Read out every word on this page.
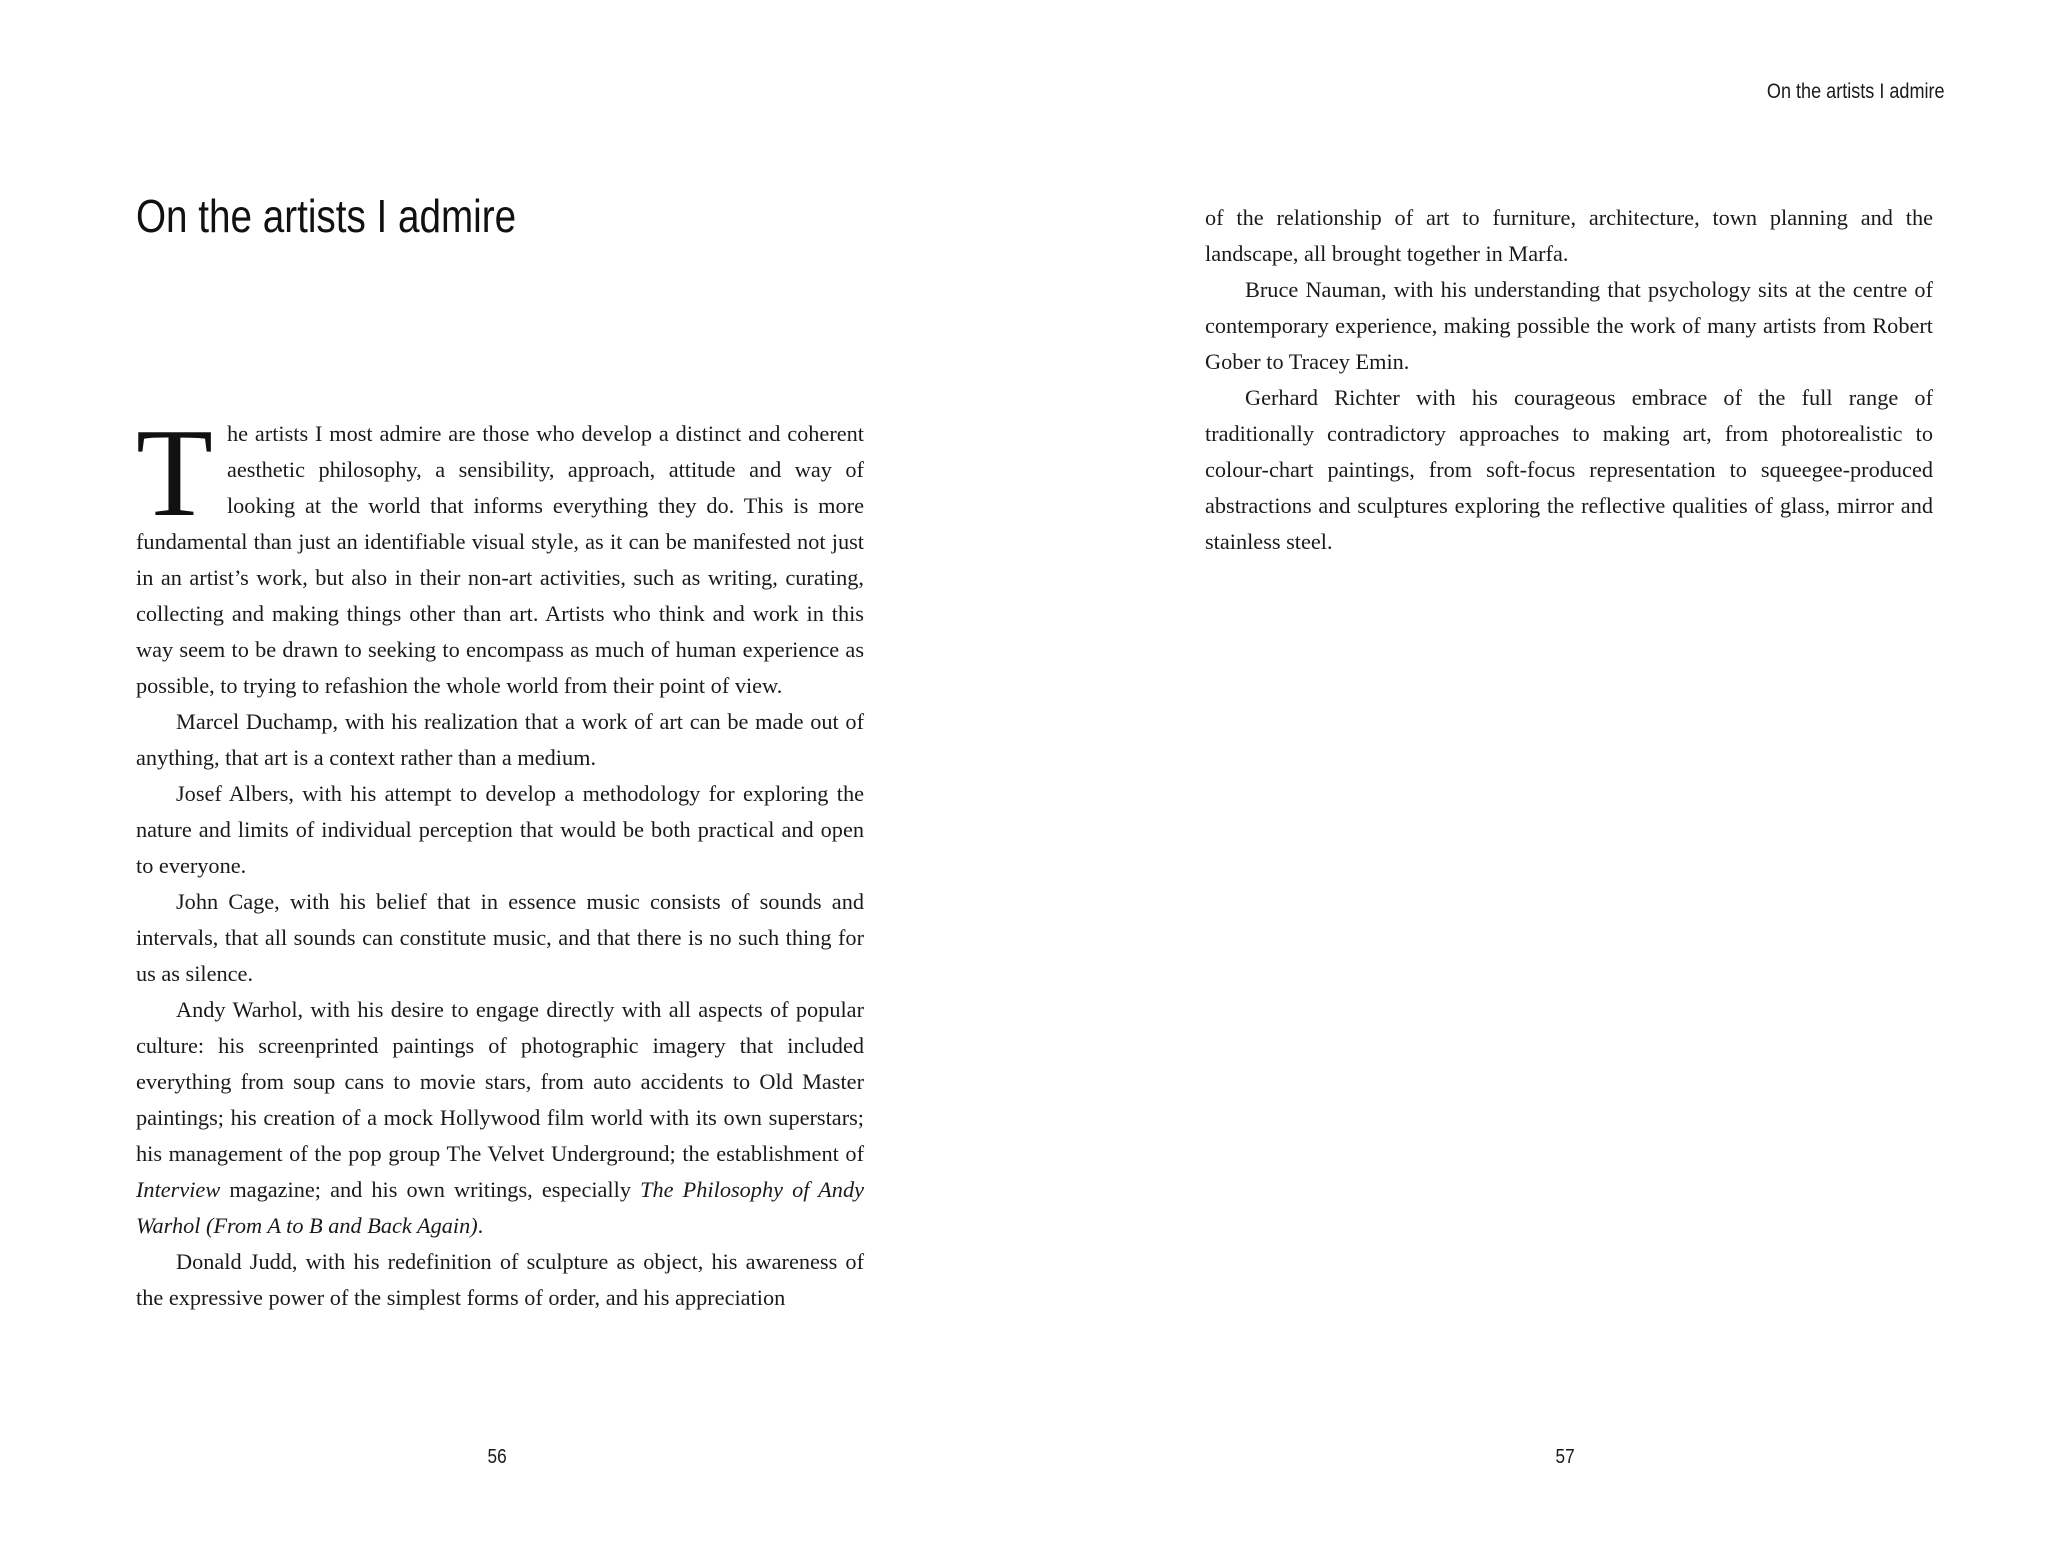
On the artists I admire

The artists I most admire are those who develop a distinct and coherent aesthetic philosophy, a sensibility, approach, attitude and way of looking at the world that informs everything they do. This is more fundamental than just an identifiable visual style, as it can be manifested not just in an artist’s work, but also in their non-art activities, such as writing, curating, collecting and making things other than art. Artists who think and work in this way seem to be drawn to seeking to encompass as much of human experience as possible, to trying to refashion the whole world from their point of view.

Marcel Duchamp, with his realization that a work of art can be made out of anything, that art is a context rather than a medium.

Josef Albers, with his attempt to develop a methodology for exploring the nature and limits of individual perception that would be both practical and open to everyone.

John Cage, with his belief that in essence music consists of sounds and intervals, that all sounds can constitute music, and that there is no such thing for us as silence.

Andy Warhol, with his desire to engage directly with all aspects of popular culture: his screenprinted paintings of photographic imagery that included everything from soup cans to movie stars, from auto accidents to Old Master paintings; his creation of a mock Hollywood film world with its own superstars; his management of the pop group The Velvet Underground; the establishment of Interview magazine; and his own writings, especially The Philosophy of Andy Warhol (From A to B and Back Again).

Donald Judd, with his redefinition of sculpture as object, his awareness of the expressive power of the simplest forms of order, and his appreciation

56
On the artists I admire

of the relationship of art to furniture, architecture, town planning and the landscape, all brought together in Marfa.

Bruce Nauman, with his understanding that psychology sits at the centre of contemporary experience, making possible the work of many artists from Robert Gober to Tracey Emin.

Gerhard Richter with his courageous embrace of the full range of traditionally contradictory approaches to making art, from photorealistic to colour-chart paintings, from soft-focus representation to squeegee-produced abstractions and sculptures exploring the reflective qualities of glass, mirror and stainless steel.

57
